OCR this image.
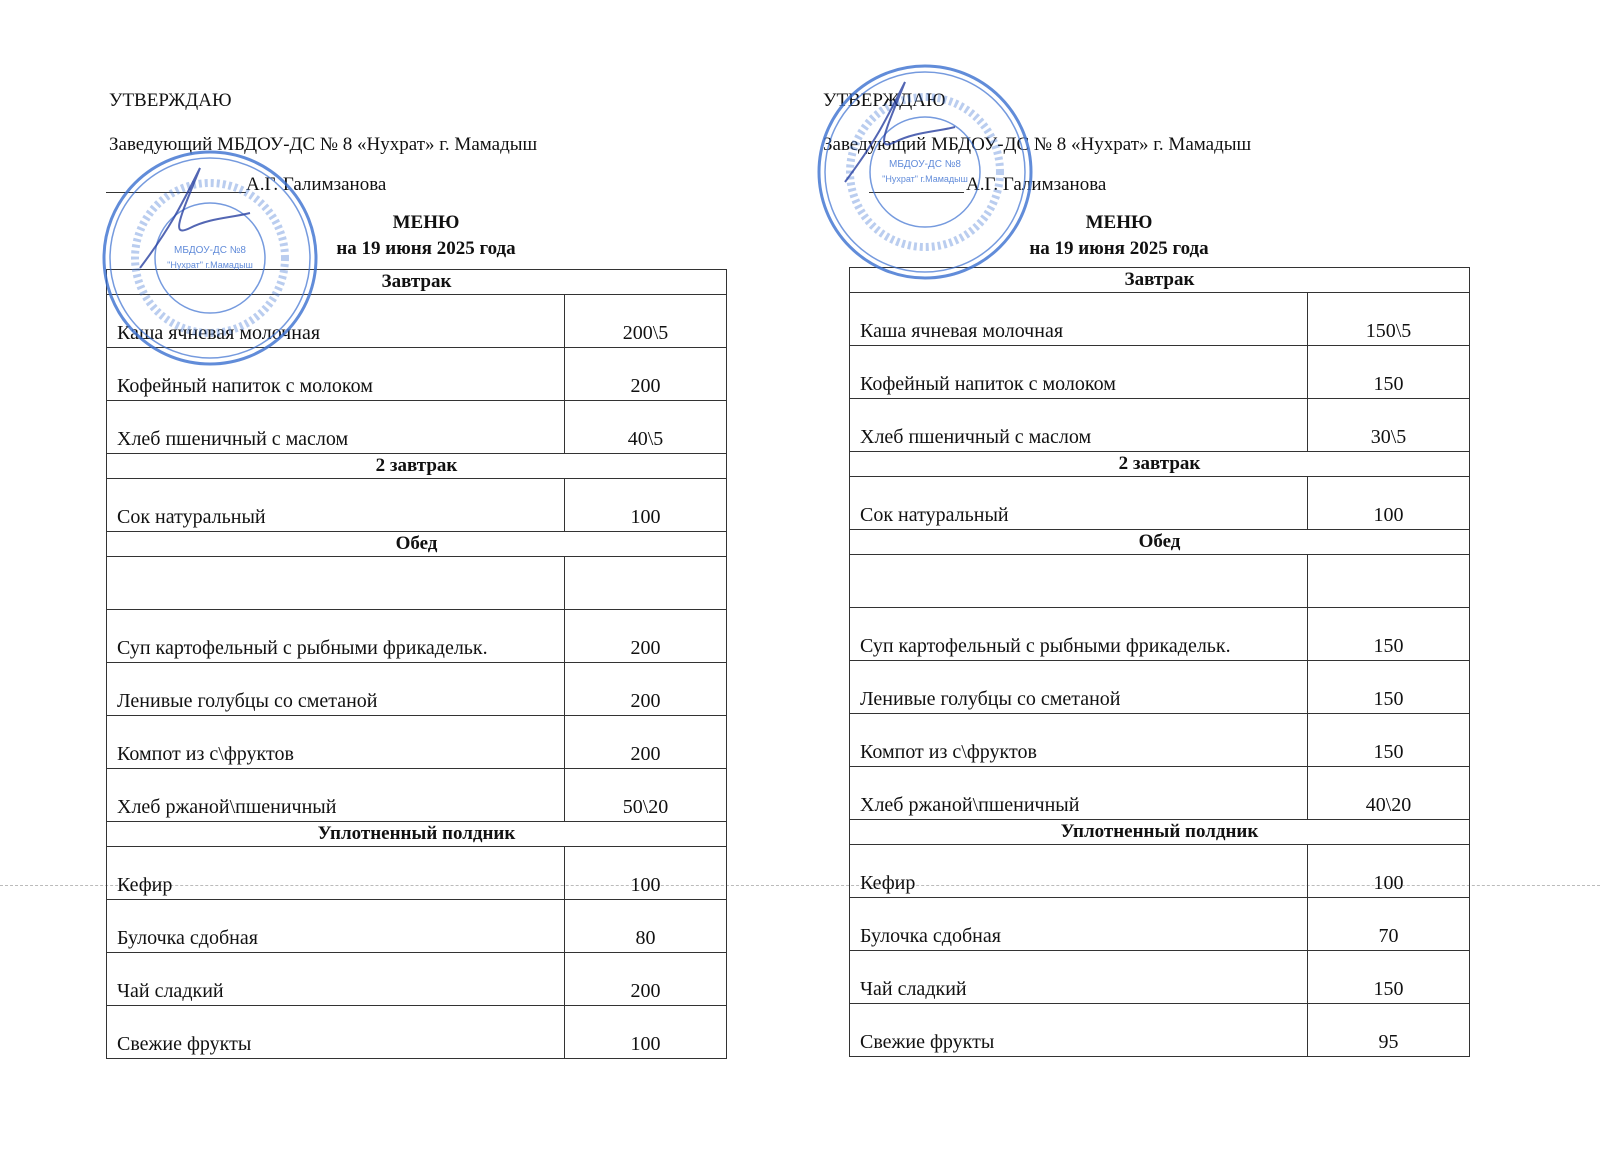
УТВЕРЖДАЮ
Заведующий МБДОУ-ДС № 8 «Нухрат» г. Мамадыш
А.Г. Галимзанова
МЕНЮ
на 19 июня 2025 года
Завтрак	
Каша ячневая молочная	200\5
Кофейный напиток с молоком	200
Хлеб пшеничный с маслом	40\5
2 завтрак	
Сок натуральный	100
Обед	

Суп картофельный с рыбными фрикадельк.	200
Ленивые голубцы со сметаной	200
Компот из с\фруктов	200
Хлеб ржаной\пшеничный	50\20
Уплотненный полдник	
Кефир	100
Булочка сдобная	80
Чай сладкий	200
Свежие фрукты	100
МБДОУ-ДС №8
"Нухрат" г.Мамадыш
УТВЕРЖДАЮ
Заведующий МБДОУ-ДС № 8 «Нухрат» г. Мамадыш
А.Г. Галимзанова
МЕНЮ
на 19 июня 2025 года
Завтрак	
Каша ячневая молочная	150\5
Кофейный напиток с молоком	150
Хлеб пшеничный с маслом	30\5
2 завтрак	
Сок натуральный	100
Обед	

Суп картофельный с рыбными фрикадельк.	150
Ленивые голубцы со сметаной	150
Компот из с\фруктов	150
Хлеб ржаной\пшеничный	40\20
Уплотненный полдник	
Кефир	100
Булочка сдобная	70
Чай сладкий	150
Свежие фрукты	95
МБДОУ-ДС №8
"Нухрат" г.Мамадыш
